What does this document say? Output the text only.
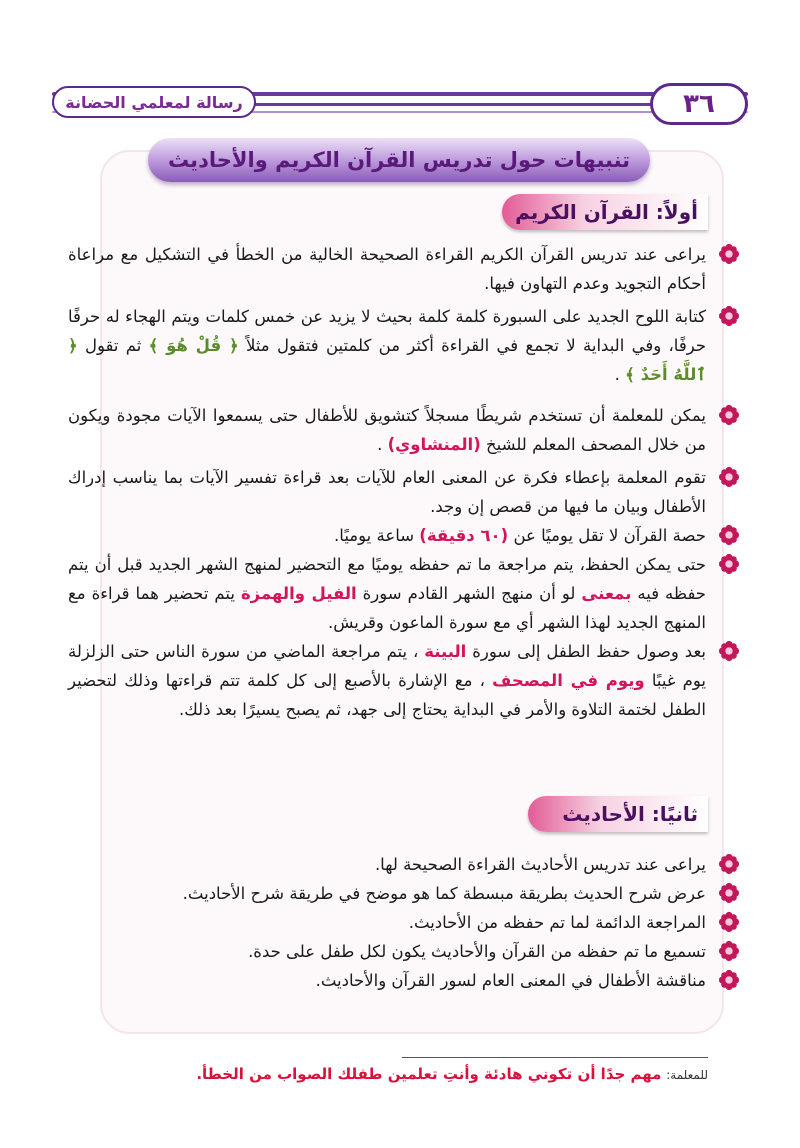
٣٦
رسالة لمعلمي الحضانة
تنبيهات حول تدريس القرآن الكريم والأحاديث
أولاً: القرآن الكريم
يراعى عند تدريس القرآن الكريم القراءة الصحيحة الخالية من الخطأ في التشكيل مع مراعاة أحكام التجويد وعدم التهاون فيها.
كتابة اللوح الجديد على السبورة كلمة كلمة بحيث لا يزيد عن خمس كلمات ويتم الهجاء له حرفًا حرفًا، وفي البداية لا تجمع في القراءة أكثر من كلمتين فتقول مثلاً ﴿ قُلْ هُوَ ﴾ ثم تقول ﴿ ٱللَّهُ أَحَدٌ ﴾ .
يمكن للمعلمة أن تستخدم شريطًا مسجلاً كتشويق للأطفال حتى يسمعوا الآيات مجودة ويكون من خلال المصحف المعلم للشيخ (المنشاوي) .
تقوم المعلمة بإعطاء فكرة عن المعنى العام للآيات بعد قراءة تفسير الآيات بما يناسب إدراك الأطفال وبيان ما فيها من قصص إن وجد.
حصة القرآن لا تقل يوميًا عن (٦٠ دقيقة) ساعة يوميًا.
حتى يمكن الحفظ، يتم مراجعة ما تم حفظه يوميًا مع التحضير لمنهج الشهر الجديد قبل أن يتم حفظه فيه بمعنى لو أن منهج الشهر القادم سورة الفيل والهمزة يتم تحضير هما قراءة مع المنهج الجديد لهذا الشهر أي مع سورة الماعون وقريش.
بعد وصول حفظ الطفل إلى سورة البينة ، يتم مراجعة الماضي من سورة الناس حتى الزلزلة يوم غيبًا ويوم في المصحف ، مع الإشارة بالأصبع إلى كل كلمة تتم قراءتها وذلك لتحضير الطفل لختمة التلاوة والأمر في البداية يحتاج إلى جهد، ثم يصبح يسيرًا بعد ذلك.
ثانيًا: الأحاديث
يراعى عند تدريس الأحاديث القراءة الصحيحة لها.
عرض شرح الحديث بطريقة مبسطة كما هو موضح في طريقة شرح الأحاديث.
المراجعة الدائمة لما تم حفظه من الأحاديث.
تسميع ما تم حفظه من القرآن والأحاديث يكون لكل طفل على حدة.
مناقشة الأطفال في المعنى العام لسور القرآن والأحاديث.
للمعلمة: مهم جدًا أن تكوني هادئة وأنتِ تعلمين طفلك الصواب من الخطأ.
